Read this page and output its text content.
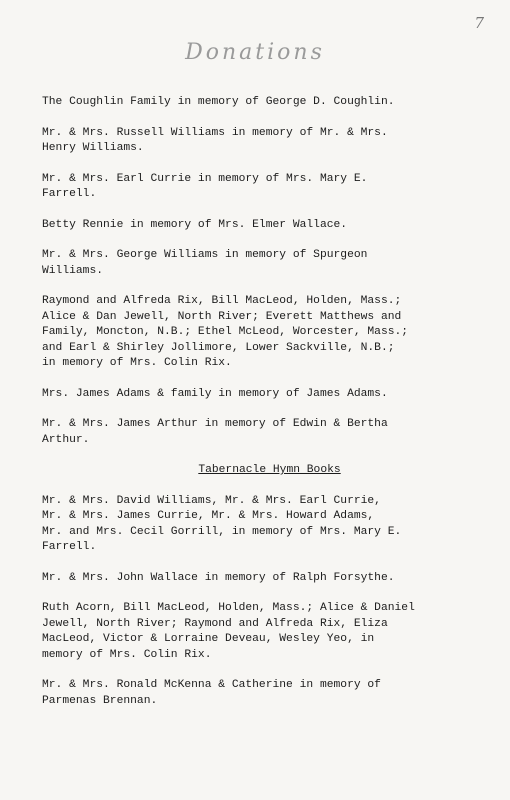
7
Donations

The Coughlin Family in memory of George D. Coughlin.

Mr. & Mrs. Russell Williams in memory of Mr. & Mrs.
Henry Williams.

Mr. & Mrs. Earl Currie in memory of Mrs. Mary E.
Farrell.

Betty Rennie in memory of Mrs. Elmer Wallace.

Mr. & Mrs. George Williams in memory of Spurgeon
Williams.

Raymond and Alfreda Rix, Bill MacLeod, Holden, Mass.;
Alice & Dan Jewell, North River; Everett Matthews and
Family, Moncton, N.B.; Ethel McLeod, Worcester, Mass.;
and Earl & Shirley Jollimore, Lower Sackville, N.B.;
in memory of Mrs. Colin Rix.

Mrs. James Adams & family in memory of James Adams.

Mr. & Mrs. James Arthur in memory of Edwin & Bertha
Arthur.

Tabernacle Hymn Books

Mr. & Mrs. David Williams, Mr. & Mrs. Earl Currie,
Mr. & Mrs. James Currie, Mr. & Mrs. Howard Adams,
Mr. and Mrs. Cecil Gorrill, in memory of Mrs. Mary E.
Farrell.

Mr. & Mrs. John Wallace in memory of Ralph Forsythe.

Ruth Acorn, Bill MacLeod, Holden, Mass.; Alice & Daniel
Jewell, North River; Raymond and Alfreda Rix, Eliza
MacLeod, Victor & Lorraine Deveau, Wesley Yeo, in
memory of Mrs. Colin Rix.

Mr. & Mrs. Ronald McKenna & Catherine in memory of
Parmenas Brennan.
